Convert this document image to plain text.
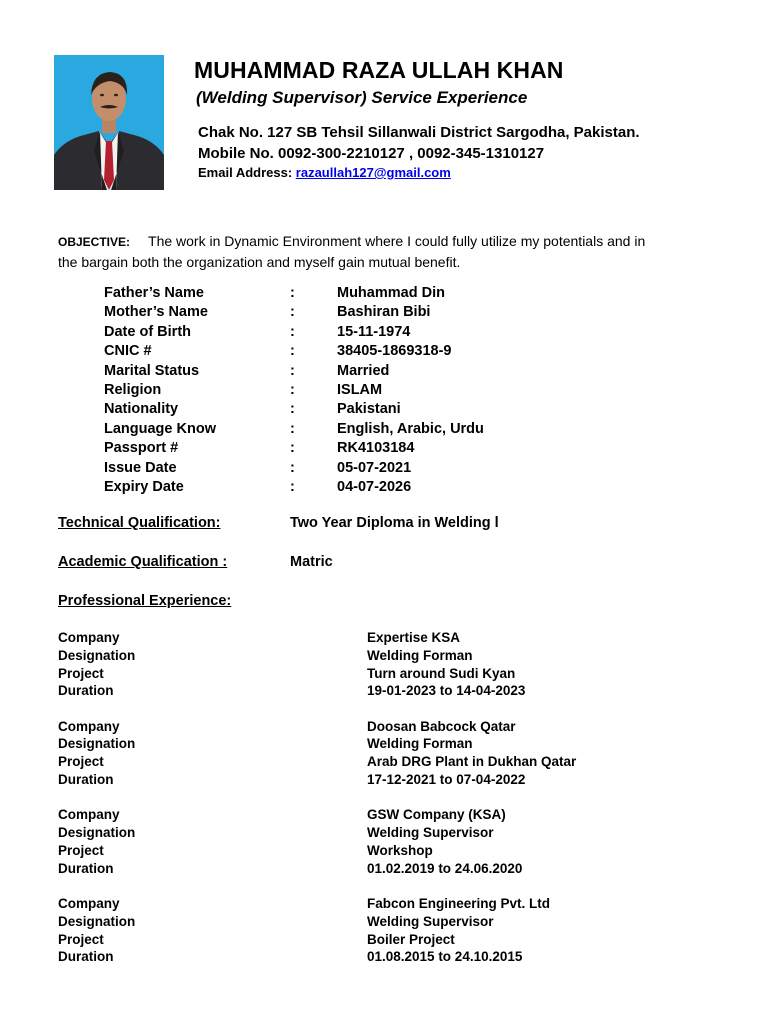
MUHAMMAD RAZA ULLAH KHAN
(Welding Supervisor) Service Experience
Chak No. 127 SB Tehsil Sillanwali District Sargodha, Pakistan.
Mobile No. 0092-300-2210127 , 0092-345-1310127
Email Address: razaullah127@gmail.com
OBJECTIVE: The work in Dynamic Environment where I could fully utilize my potentials and in the bargain both the organization and myself gain mutual benefit.
Father’s Name	:	Muhammad Din
Mother’s Name	:	Bashiran Bibi
Date of Birth	:	15-11-1974
CNIC #	:	38405-1869318-9
Marital Status	:	Married
Religion	:	ISLAM
Nationality	:	Pakistani
Language Know	:	English, Arabic, Urdu
Passport #	:	RK4103184
Issue Date	:	05-07-2021
Expiry Date	:	04-07-2026
Technical Qualification:	Two Year Diploma in Welding l
Academic Qualification :	Matric
Professional Experience:
Company	Expertise KSA
Designation	Welding Forman
Project	Turn around Sudi Kyan
Duration	19-01-2023 to 14-04-2023
Company	Doosan Babcock Qatar
Designation	Welding Forman
Project	Arab DRG Plant in Dukhan Qatar
Duration	17-12-2021 to 07-04-2022
Company	GSW Company (KSA)
Designation	Welding Supervisor
Project	Workshop
Duration	01.02.2019 to 24.06.2020
Company	Fabcon Engineering Pvt. Ltd
Designation	Welding Supervisor
Project	Boiler Project
Duration	01.08.2015 to 24.10.2015
